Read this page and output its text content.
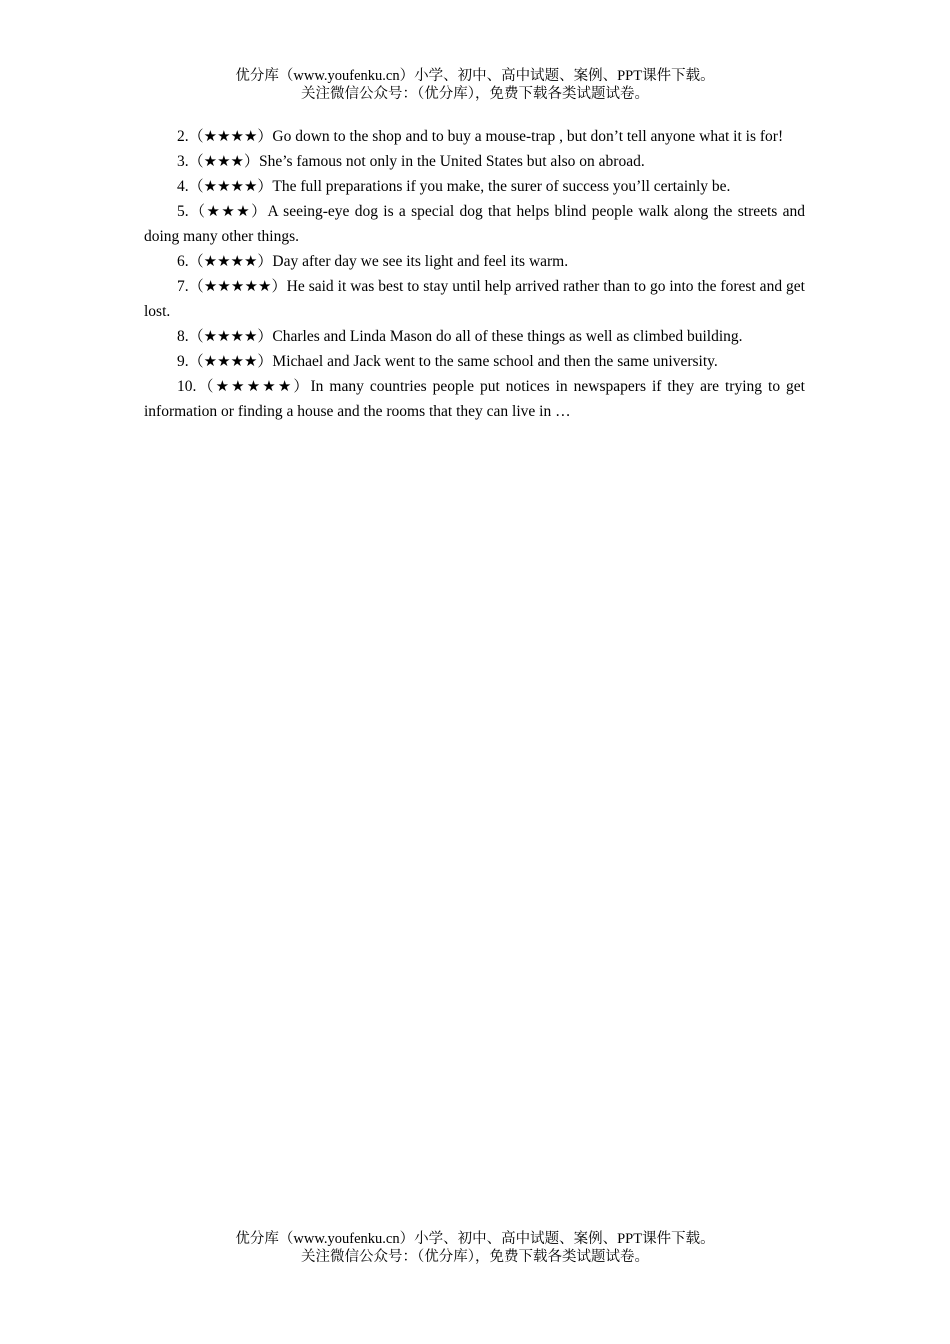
优分库（www.youfenku.cn）小学、初中、高中试题、案例、PPT课件下载。
关注微信公众号：（优分库），免费下载各类试题试卷。

2.（★★★★）Go down to the shop and to buy a mouse-trap , but don’t tell anyone what it is for!

3.（★★★）She’s famous not only in the United States but also on abroad.

4.（★★★★）The full preparations if you make, the surer of success you’ll certainly be.

5.（★★★）A seeing-eye dog is a special dog that helps blind people walk along the streets and doing many other things.

6.（★★★★）Day after day we see its light and feel its warm.

7.（★★★★★）He said it was best to stay until help arrived rather than to go into the forest and get lost.

8.（★★★★）Charles and Linda Mason do all of these things as well as climbed building.

9.（★★★★）Michael and Jack went to the same school and then the same university.

10.（★★★★★）In many countries people put notices in newspapers if they are trying to get information or finding a house and the rooms that they can live in …

优分库（www.youfenku.cn）小学、初中、高中试题、案例、PPT课件下载。
关注微信公众号：（优分库），免费下载各类试题试卷。
